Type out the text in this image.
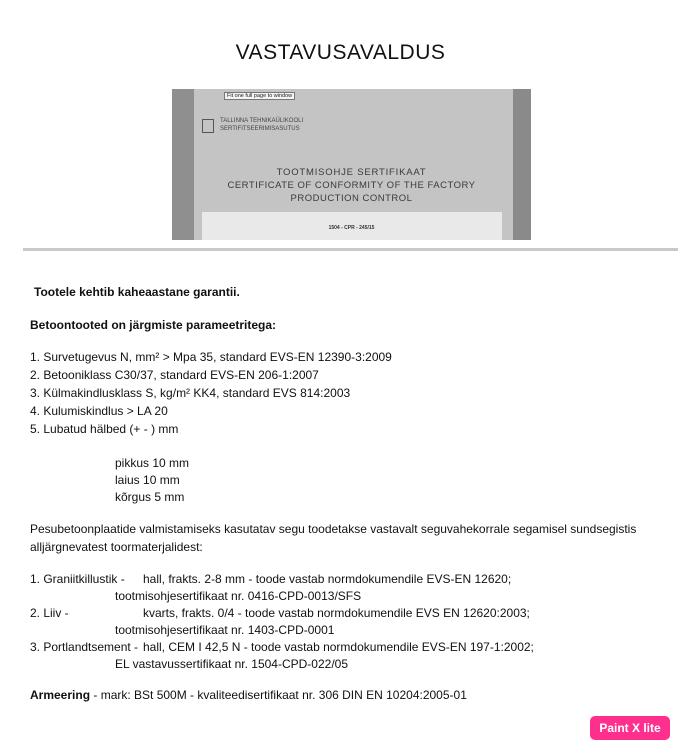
VASTAVUSAVALDUS
Fit one full page to window
TALLINNA TEHNIKAÜLIKOOLI
SERTIFITSEERIMISASUTUS
TOOTMISOHJE SERTIFIKAAT
CERTIFICATE OF CONFORMITY OF THE FACTORY
PRODUCTION CONTROL
1504 - CPR - 245/15
Tootele kehtib kaheaastane garantii.
Betoontooted on järgmiste parameetritega:
1. Survetugevus N, mm² > Mpa 35, standard EVS-EN 12390-3:2009
2. Betooniklass C30/37, standard EVS-EN 206-1:2007
3. Külmakindlusklass S, kg/m² KK4, standard EVS 814:2003
4. Kulumiskindlus > LA 20
5. Lubatud hälbed (+ - ) mm
pikkus 10 mm
laius 10 mm
kõrgus 5 mm
Pesubetoonplaatide valmistamiseks kasutatav segu toodetakse vastavalt seguvahekorrale segamisel sundsegistis
alljärgnevatest toormaterjalidest:
1. Graniitkillustik - hall, frakts. 2-8 mm - toode vastab normdokumendile EVS-EN 12620;
tootmisohjesertifikaat nr. 0416-CPD-0013/SFS
2. Liiv -	kvarts, frakts. 0/4 - toode vastab normdokumendile EVS EN 12620:2003;
tootmisohjesertifikaat nr. 1403-CPD-0001
3. Portlandtsement - hall, CEM I 42,5 N - toode vastab normdokumendile EVS-EN 197-1:2002;
EL vastavussertifikaat nr. 1504-CPD-022/05
Armeering - mark: BSt 500M - kvaliteedisertifikaat nr. 306 DIN EN 10204:2005-01
Paint X lite
